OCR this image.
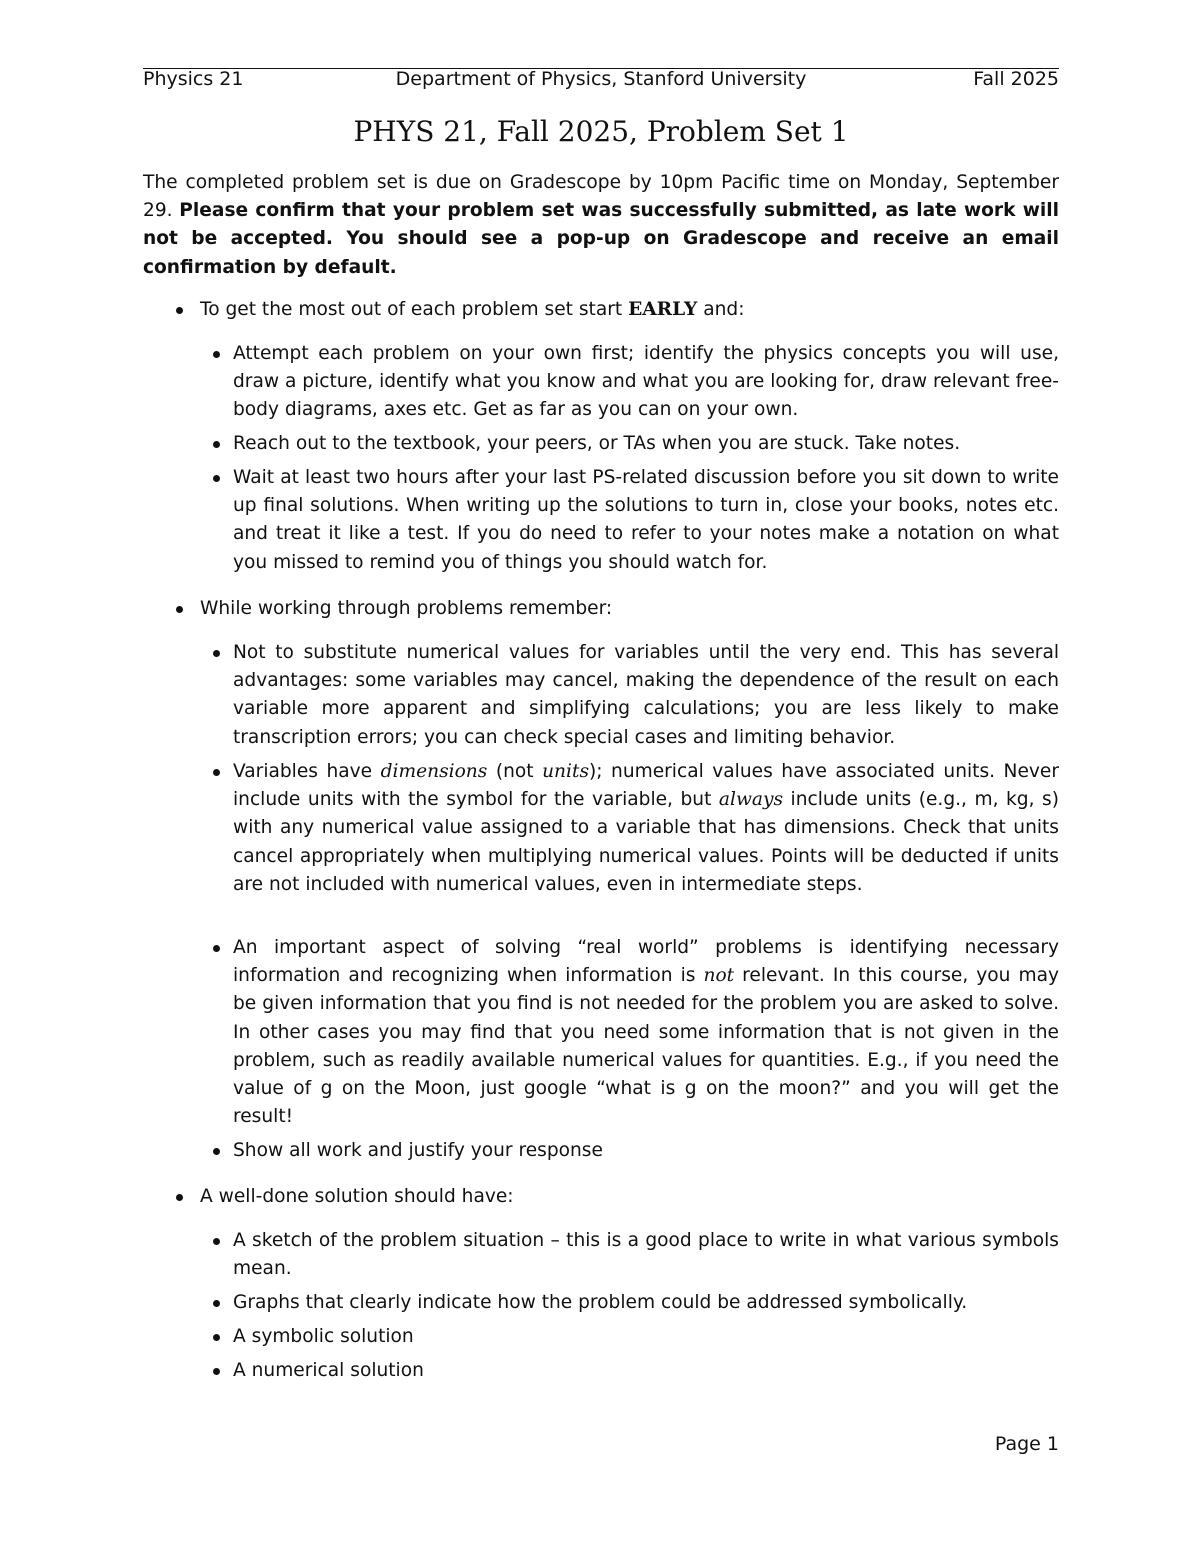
Physics 21	Department of Physics, Stanford University	Fall 2025
PHYS 21, Fall 2025, Problem Set 1
The completed problem set is due on Gradescope by 10pm Pacific time on Monday, September 29. Please confirm that your problem set was successfully submitted, as late work will not be accepted. You should see a pop-up on Gradescope and receive an email confirmation by default.
To get the most out of each problem set start EARLY and:
Attempt each problem on your own first; identify the physics concepts you will use, draw a picture, identify what you know and what you are looking for, draw relevant free-body diagrams, axes etc. Get as far as you can on your own.
Reach out to the textbook, your peers, or TAs when you are stuck. Take notes.
Wait at least two hours after your last PS-related discussion before you sit down to write up final solutions. When writing up the solutions to turn in, close your books, notes etc. and treat it like a test. If you do need to refer to your notes make a notation on what you missed to remind you of things you should watch for.
While working through problems remember:
Not to substitute numerical values for variables until the very end. This has several advantages: some variables may cancel, making the dependence of the result on each variable more apparent and simplifying calculations; you are less likely to make transcription errors; you can check special cases and limiting behavior.
Variables have dimensions (not units); numerical values have associated units. Never include units with the symbol for the variable, but always include units (e.g., m, kg, s) with any numerical value assigned to a variable that has dimensions. Check that units cancel appropriately when multiplying numerical values. Points will be deducted if units are not included with numerical values, even in intermediate steps.
An important aspect of solving “real world” problems is identifying necessary information and recognizing when information is not relevant. In this course, you may be given information that you find is not needed for the problem you are asked to solve. In other cases you may find that you need some information that is not given in the problem, such as readily available numerical values for quantities. E.g., if you need the value of g on the Moon, just google “what is g on the moon?” and you will get the result!
Show all work and justify your response
A well-done solution should have:
A sketch of the problem situation – this is a good place to write in what various symbols mean.
Graphs that clearly indicate how the problem could be addressed symbolically.
A symbolic solution
A numerical solution
Page 1
